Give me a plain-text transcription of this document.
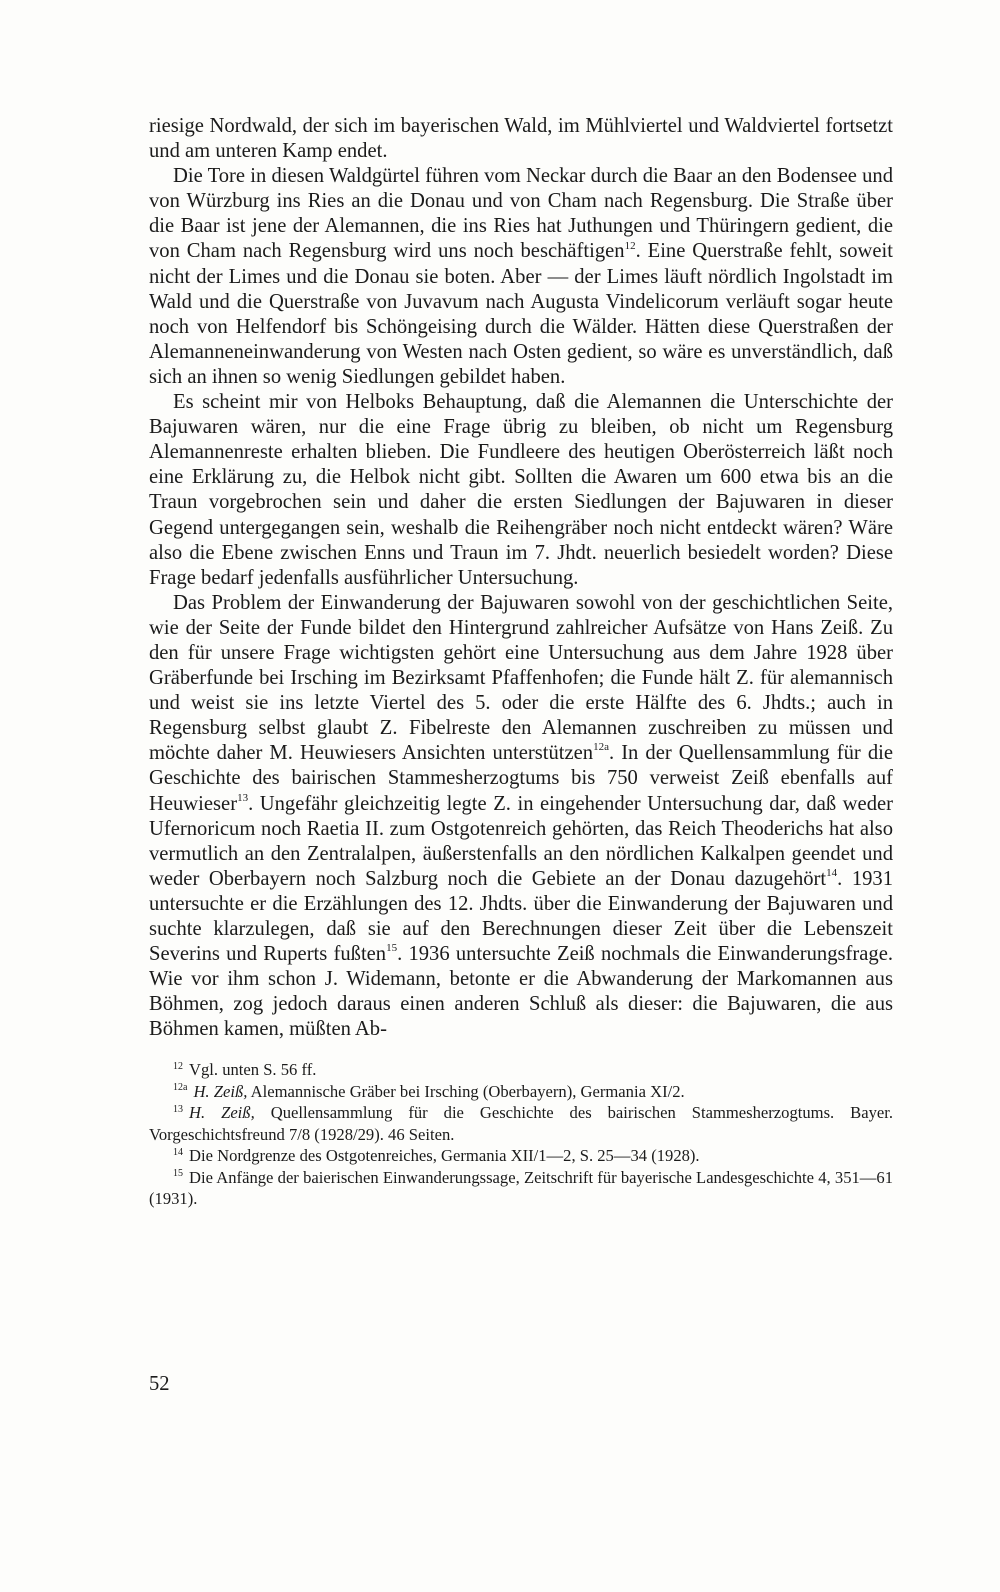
riesige Nordwald, der sich im bayerischen Wald, im Mühlviertel und Waldviertel fortsetzt und am unteren Kamp endet.

Die Tore in diesen Waldgürtel führen vom Neckar durch die Baar an den Bodensee und von Würzburg ins Ries an die Donau und von Cham nach Regensburg. Die Straße über die Baar ist jene der Alemannen, die ins Ries hat Juthungen und Thüringern gedient, die von Cham nach Regensburg wird uns noch beschäftigen$^{12}$. Eine Querstraße fehlt, soweit nicht der Limes und die Donau sie boten. Aber — der Limes läuft nördlich Ingolstadt im Wald und die Querstraße von Juvavum nach Augusta Vindelicorum verläuft sogar heute noch von Helfendorf bis Schöngeising durch die Wälder. Hätten diese Querstraßen der Alemanneneinwanderung von Westen nach Osten gedient, so wäre es unverständlich, daß sich an ihnen so wenig Siedlungen gebildet haben.

Es scheint mir von Helboks Behauptung, daß die Alemannen die Unterschichte der Bajuwaren wären, nur die eine Frage übrig zu bleiben, ob nicht um Regensburg Alemannenreste erhalten blieben. Die Fundleere des heutigen Oberösterreich läßt noch eine Erklärung zu, die Helbok nicht gibt. Sollten die Awaren um 600 etwa bis an die Traun vorgebrochen sein und daher die ersten Siedlungen der Bajuwaren in dieser Gegend untergegangen sein, weshalb die Reihengräber noch nicht entdeckt wären? Wäre also die Ebene zwischen Enns und Traun im 7. Jhdt. neuerlich besiedelt worden? Diese Frage bedarf jedenfalls ausführlicher Untersuchung.

Das Problem der Einwanderung der Bajuwaren sowohl von der geschichtlichen Seite, wie der Seite der Funde bildet den Hintergrund zahlreicher Aufsätze von Hans Zeiß. Zu den für unsere Frage wichtigsten gehört eine Untersuchung aus dem Jahre 1928 über Gräberfunde bei Irsching im Bezirksamt Pfaffenhofen; die Funde hält Z. für alemannisch und weist sie ins letzte Viertel des 5. oder die erste Hälfte des 6. Jhdts.; auch in Regensburg selbst glaubt Z. Fibelreste den Alemannen zuschreiben zu müssen und möchte daher M. Heuwiesers Ansichten unterstützen$^{12a}$. In der Quellensammlung für die Geschichte des bairischen Stammesherzogtums bis 750 verweist Zeiß ebenfalls auf Heuwieser$^{13}$. Ungefähr gleichzeitig legte Z. in eingehender Untersuchung dar, daß weder Ufernoricum noch Raetia II. zum Ostgotenreich gehörten, das Reich Theoderichs hat also vermutlich an den Zentralalpen, äußerstenfalls an den nördlichen Kalkalpen geendet und weder Oberbayern noch Salzburg noch die Gebiete an der Donau dazugehört$^{14}$. 1931 untersuchte er die Erzählungen des 12. Jhdts. über die Einwanderung der Bajuwaren und suchte klarzulegen, daß sie auf den Berechnungen dieser Zeit über die Lebenszeit Severins und Ruperts fußten$^{15}$. 1936 untersuchte Zeiß nochmals die Einwanderungsfrage. Wie vor ihm schon J. Widemann, betonte er die Abwanderung der Markomannen aus Böhmen, zog jedoch daraus einen anderen Schluß als dieser: die Bajuwaren, die aus Böhmen kamen, müßten Ab-

$^{12}$ Vgl. unten S. 56 ff.

$^{12a}$ H. Zeiß, Alemannische Gräber bei Irsching (Oberbayern), Germania XI/2.

$^{13}$ H. Zeiß, Quellensammlung für die Geschichte des bairischen Stammesherzogtums. Bayer. Vorgeschichtsfreund 7/8 (1928/29). 46 Seiten.

$^{14}$ Die Nordgrenze des Ostgotenreiches, Germania XII/1—2, S. 25—34 (1928).

$^{15}$ Die Anfänge der baierischen Einwanderungssage, Zeitschrift für bayerische Landesgeschichte 4, 351—61 (1931).

52
